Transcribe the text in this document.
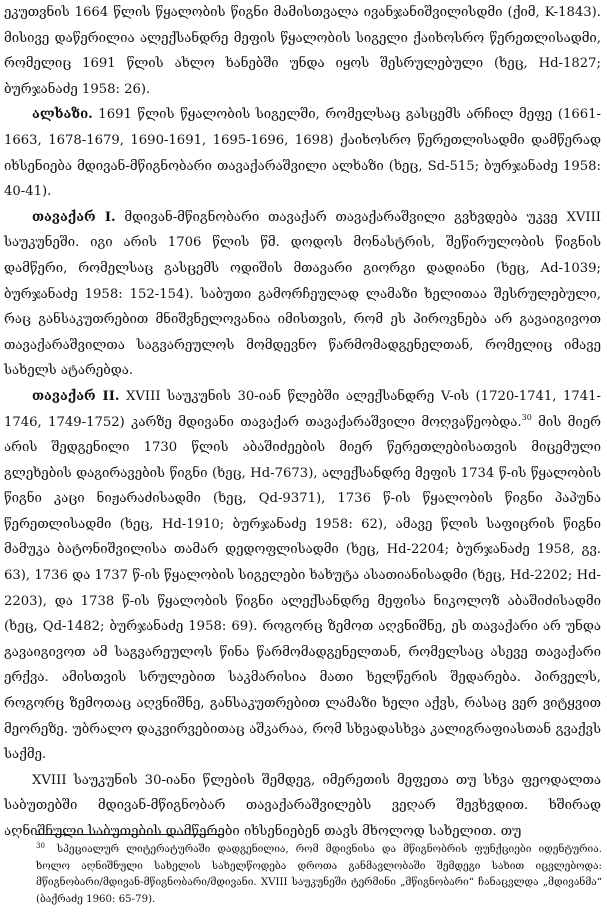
ეკუთვნის 1664 წლის წყალობის წიგნი მამისთვალა ივანჯანიშვილისდმი (ქიმ, K-1843). მისივე დაწერილია ალექსანდრე მეფის წყალობის სიგელი ქაიხოსრო წერეთლისადმი, რომელიც 1691 წლის ახლო ხანებში უნდა იყოს შესრულებული (ხეც, Hd-1827; ბურჯანაძე 1958: 26).

ალხაზი. 1691 წლის წყალობის სიგელში, რომელსაც გასცემს არჩილ მეფე (1661-1663, 1678-1679, 1690-1691, 1695-1696, 1698) ქაიხოსრო წერეთლისადმი დამწერად იხსენიება მდივან-მწიგნობარი თავაქარაშვილი ალხაზი (ხეც, Sd-515; ბურჯანაძე 1958: 40-41).

თავაქარ I. მდივან-მწიგნობარი თავაქარ თავაქარაშვილი გვხვდება უკვე XVIII საუკუნეში. იგი არის 1706 წლის წმ. დოდოს მონასტრის, შეწირულობის წიგნის დამწერი, რომელსაც გასცემს ოდიშის მთავარი გიორგი დადიანი (ხეც, Ad-1039; ბურჯანაძე 1958: 152-154). საბუთი გამორჩეულად ლამაზი ხელითაა შესრულებული, რაც განსაკუთრებით მნიშვნელოვანია იმისთვის, რომ ეს პიროვნება არ გავაიგივოთ თავაქარაშვილთა საგვარეულოს მომდევნო წარმომადგენელთან, რომელიც იმავე სახელს ატარებდა.

თავაქარ II. XVIII საუკუნის 30-იან წლებში ალექსანდრე V-ის (1720-1741, 1741-1746, 1749-1752) კარზე მდივანი თავაქარ თავაქარაშვილი მოღვაწეობდა.$^{30}$ მის მიერ არის შედგენილი 1730 წლის აბაშიძეების მიერ წერეთლებისათვის მიცემული გლეხების დაგირავების წიგნი (ხეც, Hd-7673), ალექსანდრე მეფის 1734 წ-ის წყალობის წიგნი კაცი ნიჟარაძისადმი (ხეც, Qd-9371), 1736 წ-ის წყალობის წიგნი პაპუნა წერეთლისადმი (ხეც, Hd-1910; ბურჯანაძე 1958: 62), ამავე წლის საფიცრის წიგნი მამუკა ბატონიშვილისა თამარ დედოფლისადმი (ხეც, Hd-2204; ბურჯანაძე 1958, გვ. 63), 1736 და 1737 წ-ის წყალობის სიგელები ხახუტა ასათიანისადმი (ხეც, Hd-2202; Hd-2203), და 1738 წ-ის წყალობის წიგნი ალექსანდრე მეფისა ნიკოლოზ აბაშიძისადმი (ხეც, Qd-1482; ბურჯანაძე 1958: 69). როგორც ზემოთ აღვნიშნე, ეს თავაქარი არ უნდა გავაიგივოთ ამ საგვარეულოს წინა წარმომადგენელთან, რომელსაც ასევე თავაქარი ერქვა. ამისთვის სრულებით საკმარისია მათი ხელწერის შედარება. პირველს, როგორც ზემოთაც აღვნიშნე, განსაკუთრებით ლამაზი ხელი აქვს, რასაც ვერ ვიტყვით მეორეზე. უბრალო დაკვირვებითაც აშკარაა, რომ სხვადასხვა კალიგრაფიასთან გვაქვს საქმე.

XVIII საუკუნის 30-იანი წლების შემდეგ, იმერეთის მეფეთა თუ სხვა ფეოდალთა საბუთებში მდივან-მწიგნობარ თავაქარაშვილებს ვეღარ შევხვდით. ხშირად აღნიშნული საბუთების დამწერები იხსენიებენ თავს მხოლოდ სახელით. თუ

$^{30}$ სპეციალურ ლიტერატურაში დადგენილია, რომ მდივნისა და მწიგნობრის ფუნქციები იდენტურია. ხოლო აღნიშნული სახელის სახელწოდება დროთა განმავლობაში შემდეგი სახით იცვლებოდა: მწიგნობარი/მდივან-მწიგნობარი/მდივანი. XVIII საუკუნეში ტერმინი „მწიგნობარი“ ჩანაცვლდა „მდივანმა“ (ბაქრაძე 1960: 65-79).
